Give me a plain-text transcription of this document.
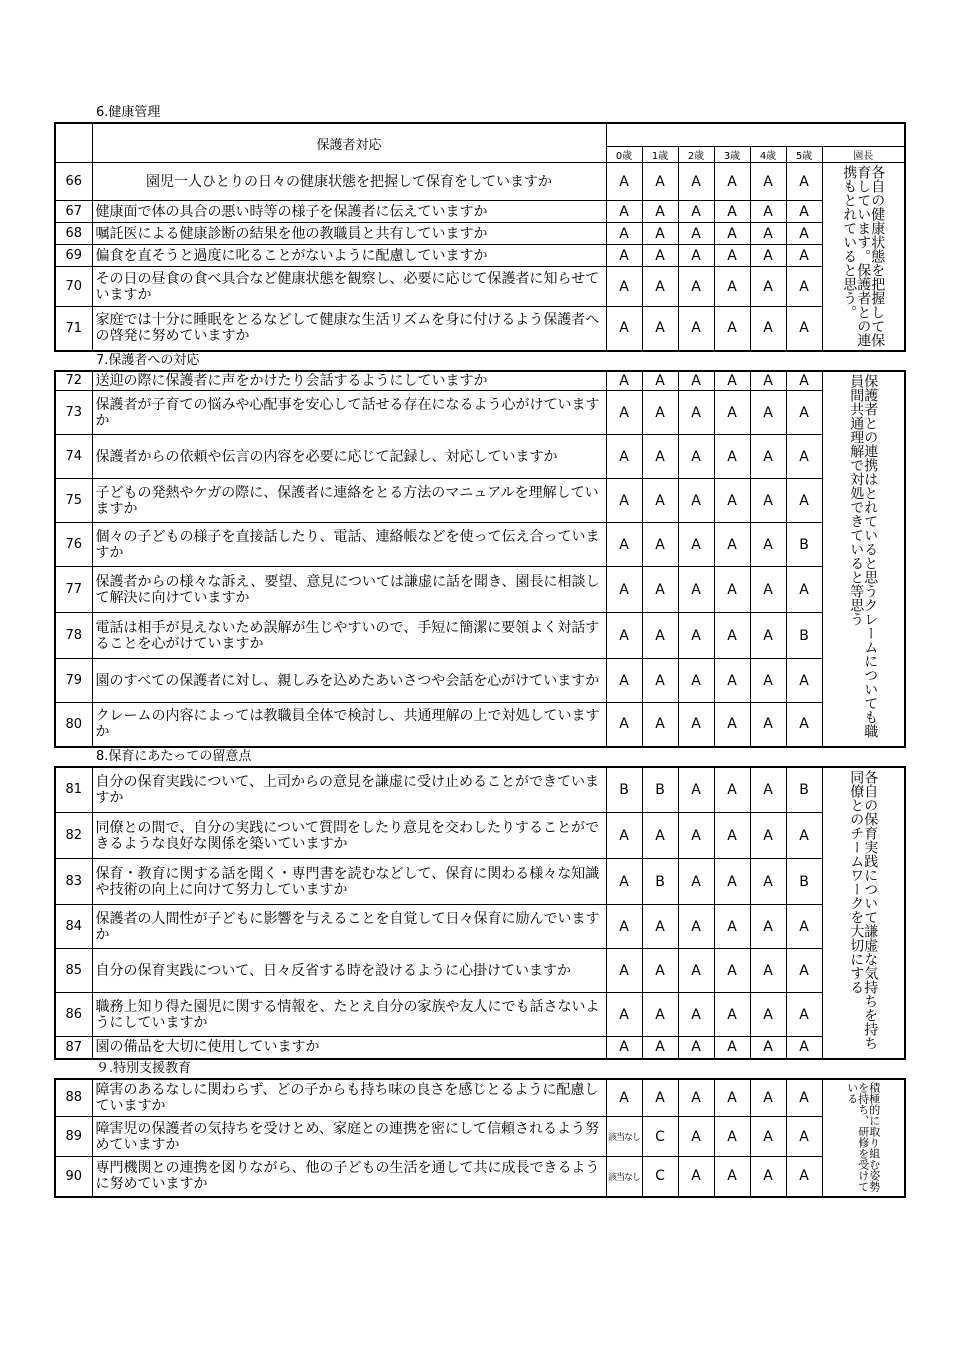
6.健康管理
	保護者対応							
		0歳	1歳	2歳	3歳	4歳	5歳	園長
66	園児一人ひとりの日々の健康状態を把握して保育をしていますか	A	A	A	A	A	A	各自の健康状態を把握して保育しています。保護者との連携もとれていると思う。

67	健康面で体の具合の悪い時等の様子を保護者に伝えていますか	A	A	A	A	A	A	
68	嘱託医による健康診断の結果を他の教職員と共有していますか	A	A	A	A	A	A	
69	偏食を直そうと過度に叱ることがないように配慮していますか	A	A	A	A	A	A	
70	その日の昼食の食べ具合など健康状態を観察し、必要に応じて保護者に知らせていますか	A	A	A	A	A	A	
71	家庭では十分に睡眠をとるなどして健康な生活リズムを身に付けるよう保護者への啓発に努めていますか	A	A	A	A	A	A	
7.保護者への対応
72	送迎の際に保護者に声をかけたり会話するようにしていますか	A	A	A	A	A	A	保護者との連携はとれていると思うクレームについても職員間共通理解で対処できていると等思う

73	保護者が子育ての悩みや心配事を安心して話せる存在になるよう心がけていますか	A	A	A	A	A	A	
74	保護者からの依頼や伝言の内容を必要に応じて記録し、対応していますか	A	A	A	A	A	A	
75	子どもの発熱やケガの際に、保護者に連絡をとる方法のマニュアルを理解していますか	A	A	A	A	A	A	
76	個々の子どもの様子を直接話したり、電話、連絡帳などを使って伝え合っていますか	A	A	A	A	A	B	
77	保護者からの様々な訴え、要望、意見については謙虚に話を聞き、園長に相談して解決に向けていますか	A	A	A	A	A	A	
78	電話は相手が見えないため誤解が生じやすいので、手短に簡潔に要領よく対話することを心がけていますか	A	A	A	A	A	B	
79	園のすべての保護者に対し、親しみを込めたあいさつや会話を心がけていますか	A	A	A	A	A	A	
80	クレームの内容によっては教職員全体で検討し、共通理解の上で対処していますか	A	A	A	A	A	A	
8.保育にあたっての留意点
81	自分の保育実践について、上司からの意見を謙虚に受け止めることができていますか	B	B	A	A	A	B	各自の保育実践について謙虚な気持ちを持ち同僚とのチームワークを大切にする

82	同僚との間で、自分の実践について質問をしたり意見を交わしたりすることができるような良好な関係を築いていますか	A	A	A	A	A	A	
83	保育・教育に関する話を聞く・専門書を読むなどして、保育に関わる様々な知識や技術の向上に向けて努力していますか	A	B	A	A	A	B	
84	保護者の人間性が子どもに影響を与えることを自覚して日々保育に励んでいますか	A	A	A	A	A	A	
85	自分の保育実践について、日々反省する時を設けるように心掛けていますか	A	A	A	A	A	A	
86	職務上知り得た園児に関する情報を、たとえ自分の家族や友人にでも話さないようにしていますか	A	A	A	A	A	A	
87	園の備品を大切に使用していますか	A	A	A	A	A	A	
９.特別支援教育
88	障害のあるなしに関わらず、どの子からも持ち味の良さを感じとるように配慮していますか	A	A	A	A	A	A	積極的に取り組む姿勢を持ち、研修を受けている

89	障害児の保護者の気持ちを受けとめ、家庭との連携を密にして信頼されるよう努めていますか	該当なし	C	A	A	A	A	
90	専門機関との連携を図りながら、他の子どもの生活を通して共に成長できるように努めていますか	該当なし	C	A	A	A	A	
